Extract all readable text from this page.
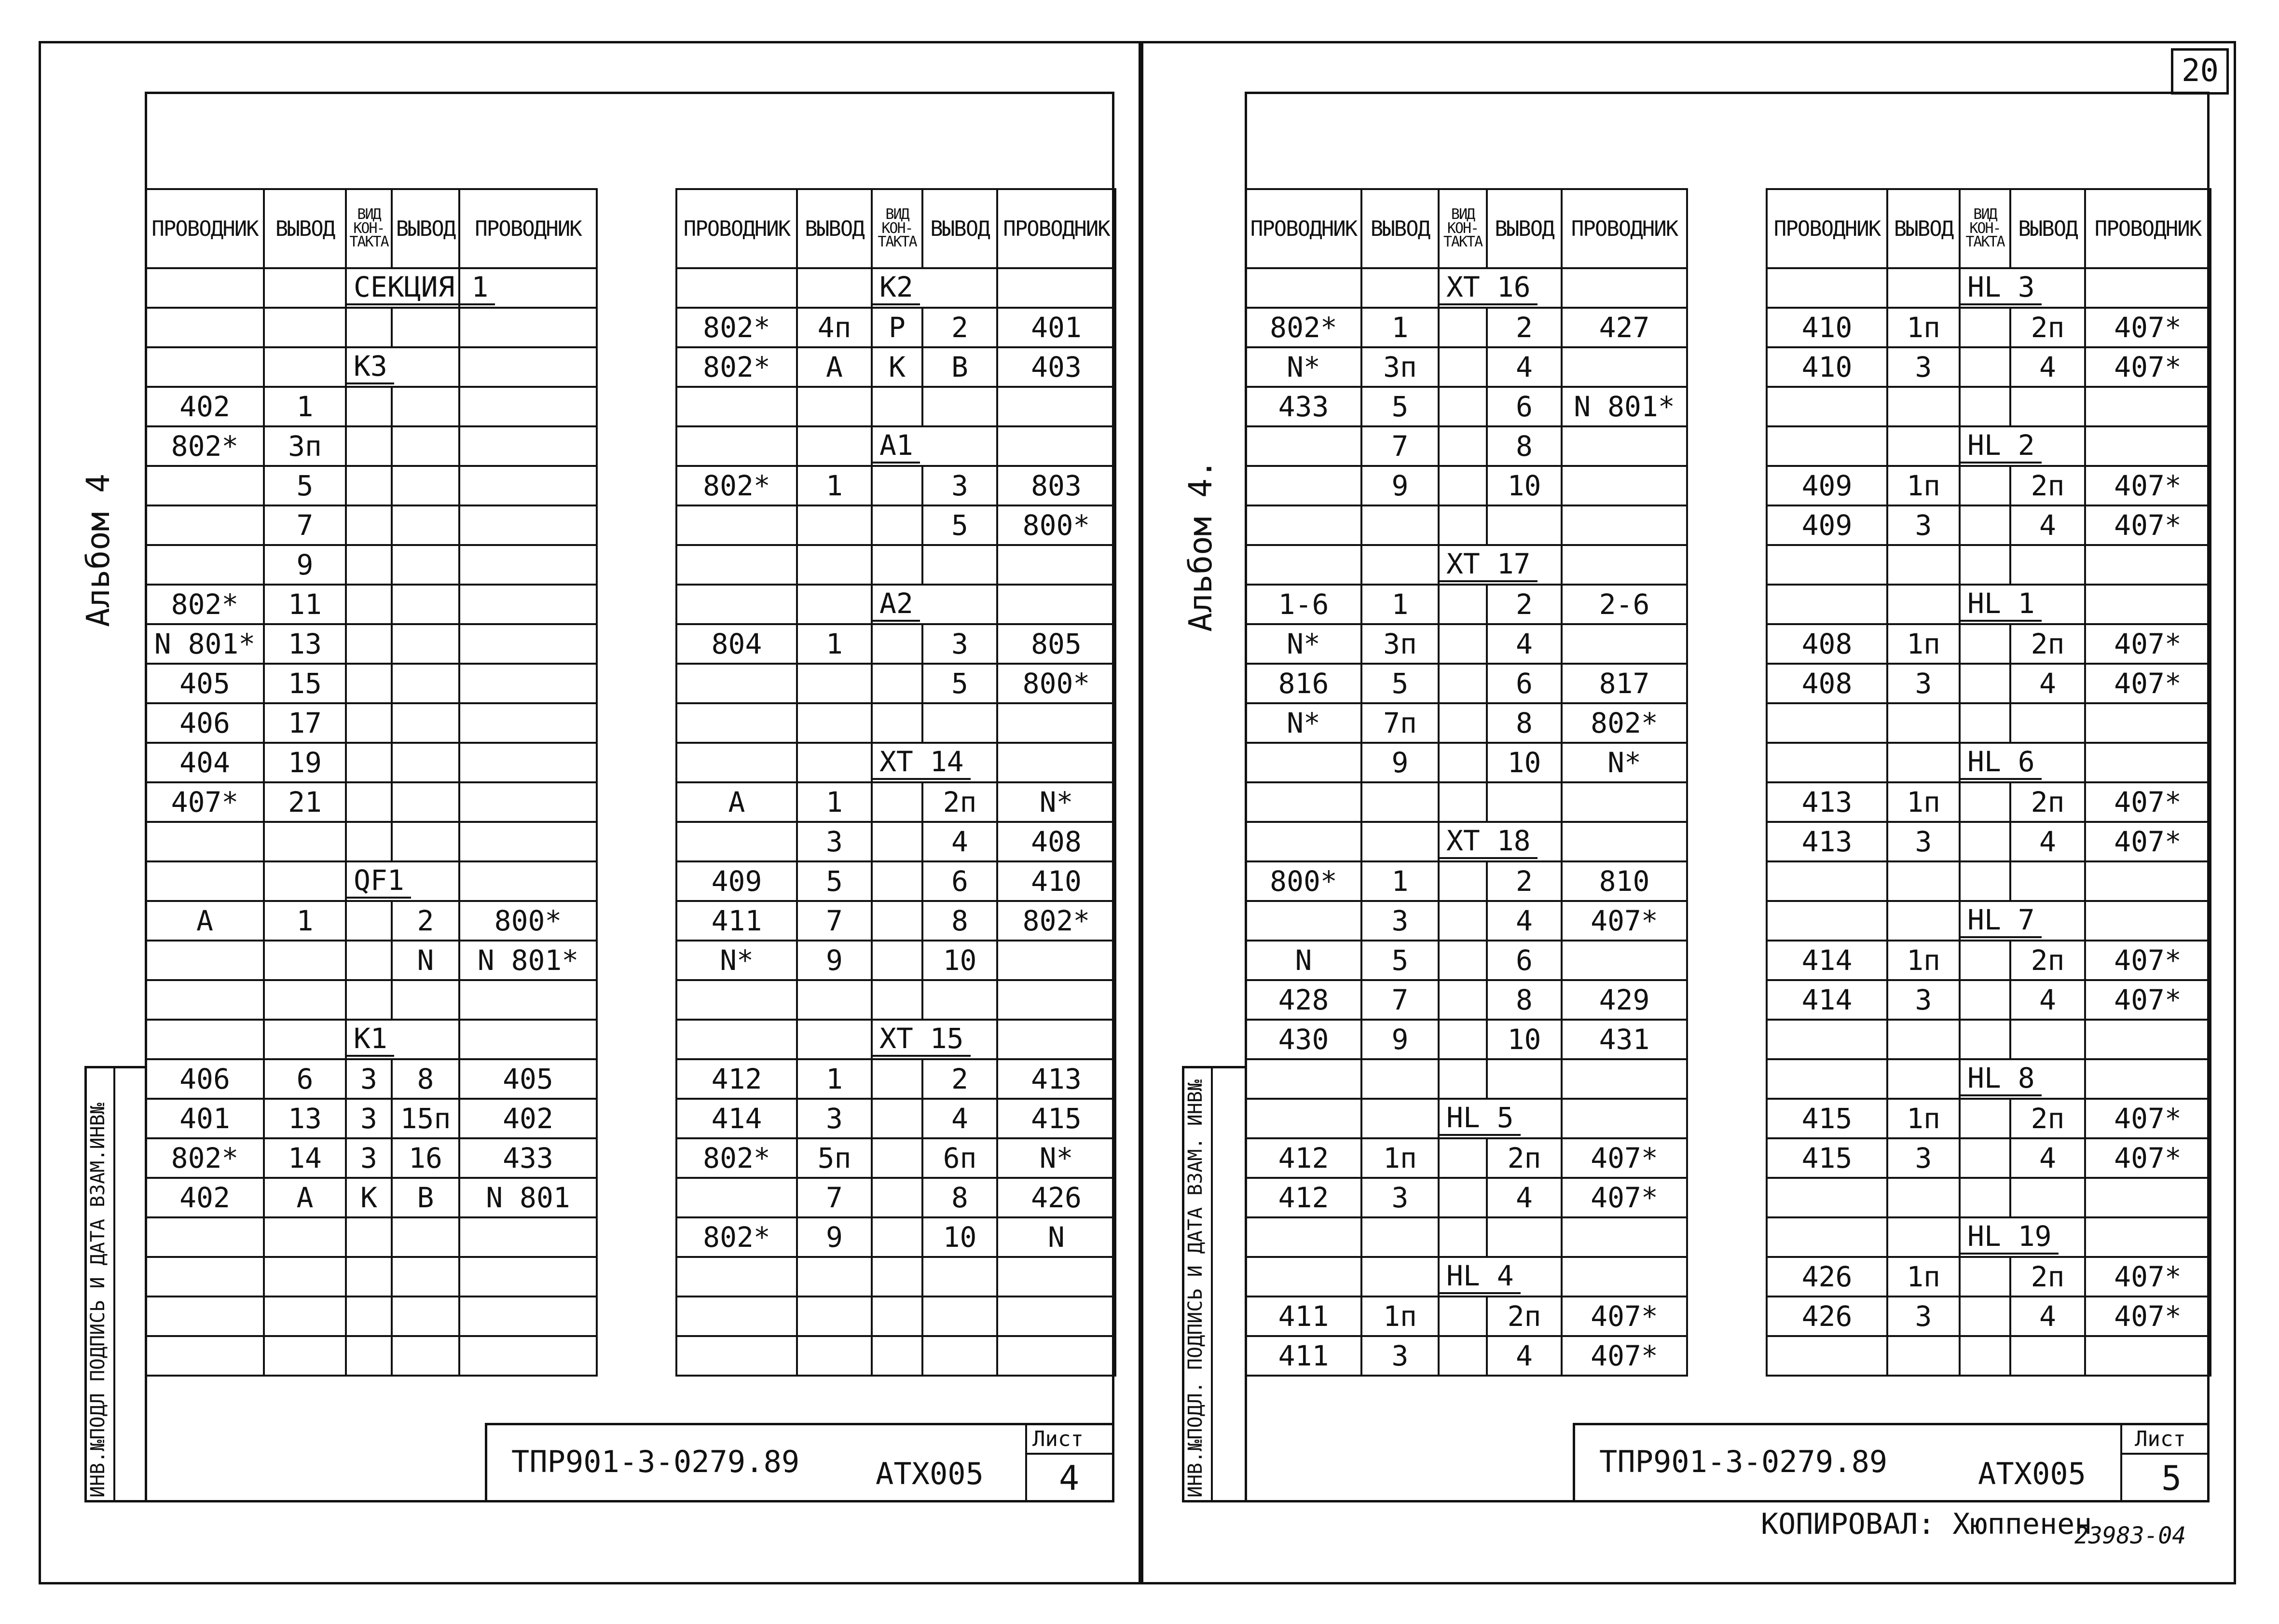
20
Альбом 4
ИНВ.№ПОДЛ ПОДПИСЬ И ДАТА ВЗАМ.ИНВ№
ПРОВОДНИК	ВЫВОД	ВИД КОН- ТАКТА	ВЫВОД	ПРОВОДНИК
		СЕКЦИЯ 1		

		К3		
402	1			
802*	3п			
	5			
	7			
	9			
802*	11			
N 801*	13			
405	15			
406	17			
404	19			
407*	21			

		QF1		
А	1		2	800*
			N	N 801*

		К1		
406	6	З	8	405
401	13	З	15п	402
802*	14	З	16	433
402	А	К	В	N 801

ПРОВОДНИК	ВЫВОД	ВИД КОН- ТАКТА	ВЫВОД	ПРОВОДНИК
		К2		
802*	4п	Р	2	401
802*	А	К	В	403

		А1		
802*	1		3	803
			5	800*

		А2		
804	1		3	805
			5	800*

		ХТ 14		
А	1		2п	N*
	3		4	408
409	5		6	410
411	7		8	802*
N*	9		10	

		ХТ 15		
412	1		2	413
414	3		4	415
802*	5п		6п	N*
	7		8	426
802*	9		10	N

ТПР901-3-0279.89	АТХ005
Лист
4
Альбом 4.
ИНВ.№ПОДЛ. ПОДПИСЬ И ДАТА ВЗАМ. ИНВ№
ПРОВОДНИК	ВЫВОД	ВИД КОН- ТАКТА	ВЫВОД	ПРОВОДНИК
		ХТ 16		
802*	1		2	427
N*	3п		4	
433	5		6	N 801*
	7		8	
	9		10	

		ХТ 17		
1-6	1		2	2-6
N*	3п		4	
816	5		6	817
N*	7п		8	802*
	9		10	N*

		ХТ 18		
800*	1		2	810
	3		4	407*
N	5		6	
428	7		8	429
430	9		10	431

		НL 5		
412	1п		2п	407*
412	3		4	407*

		НL 4		
411	1п		2п	407*
411	3		4	407*
ПРОВОДНИК	ВЫВОД	ВИД КОН- ТАКТА	ВЫВОД	ПРОВОДНИК
		НL 3		
410	1п		2п	407*
410	3		4	407*

		НL 2		
409	1п		2п	407*
409	3		4	407*

		НL 1		
408	1п		2п	407*
408	3		4	407*

		НL 6		
413	1п		2п	407*
413	3		4	407*

		НL 7		
414	1п		2п	407*
414	3		4	407*

		НL 8		
415	1п		2п	407*
415	3		4	407*

		НL 19		
426	1п		2п	407*
426	3		4	407*

ТПР901-3-0279.89	АТХ005
Лист
5
КОПИРОВАЛ: Хюппенен
23983-04
